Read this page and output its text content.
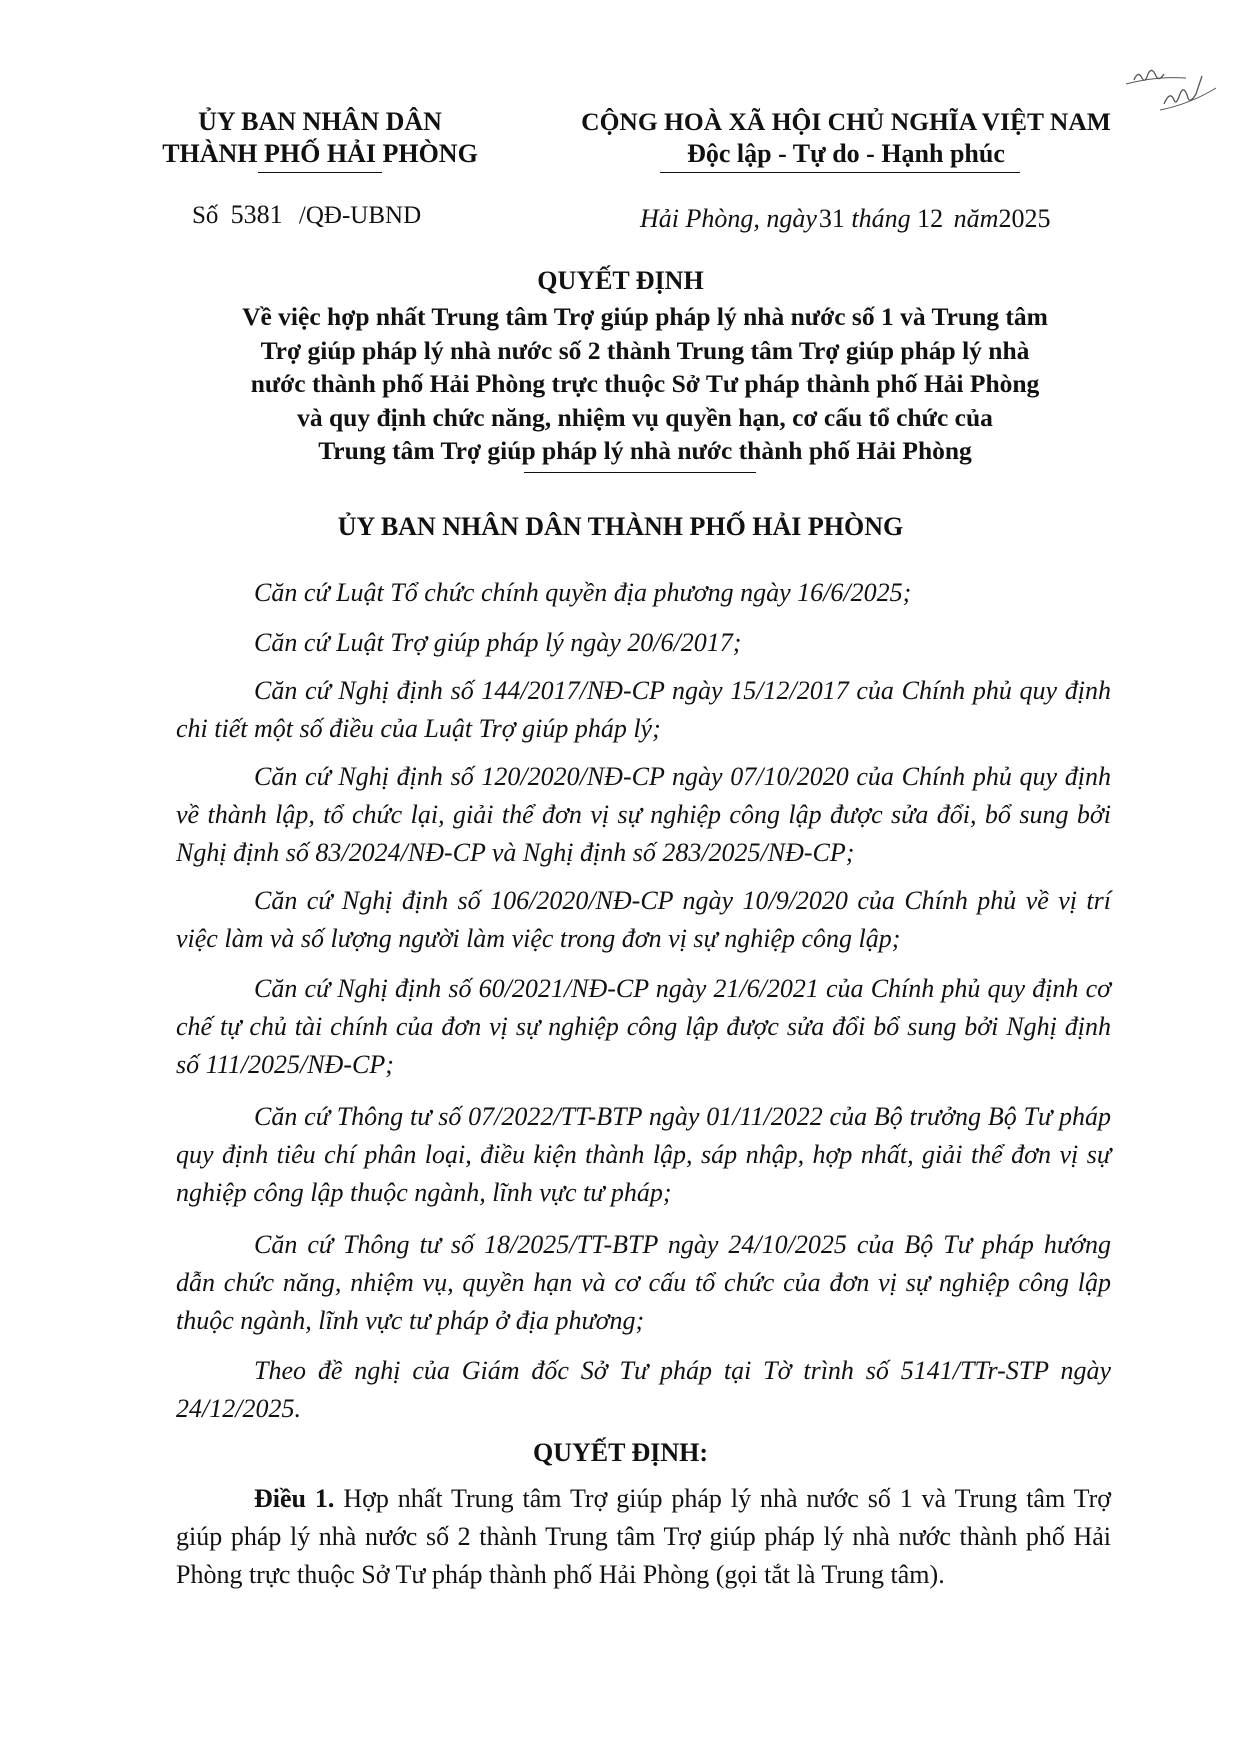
ỦY BAN NHÂN DÂN

THÀNH PHỐ HẢI PHÒNG

CỘNG HOÀ XÃ HỘI CHỦ NGHĨA VIỆT NAM

Độc lập - Tự do - Hạnh phúc

Số 5381 /QĐ-UBND	Hải Phòng, ngày31 tháng 12 năm2025

QUYẾT ĐỊNH

Về việc hợp nhất Trung tâm Trợ giúp pháp lý nhà nước số 1 và Trung tâm

Trợ giúp pháp lý nhà nước số 2 thành Trung tâm Trợ giúp pháp lý nhà

nước thành phố Hải Phòng trực thuộc Sở Tư pháp thành phố Hải Phòng

và quy định chức năng, nhiệm vụ quyền hạn, cơ cấu tổ chức của

Trung tâm Trợ giúp pháp lý nhà nước thành phố Hải Phòng

ỦY BAN NHÂN DÂN THÀNH PHỐ HẢI PHÒNG

Căn cứ Luật Tổ chức chính quyền địa phương ngày 16/6/2025;

Căn cứ Luật Trợ giúp pháp lý ngày 20/6/2017;

Căn cứ Nghị định số 144/2017/NĐ-CP ngày 15/12/2017 của Chính phủ quy định chi tiết một số điều của Luật Trợ giúp pháp lý;

Căn cứ Nghị định số 120/2020/NĐ-CP ngày 07/10/2020 của Chính phủ quy định về thành lập, tổ chức lại, giải thể đơn vị sự nghiệp công lập được sửa đổi, bổ sung bởi Nghị định số 83/2024/NĐ-CP và Nghị định số 283/2025/NĐ-CP;

Căn cứ Nghị định số 106/2020/NĐ-CP ngày 10/9/2020 của Chính phủ về vị trí việc làm và số lượng người làm việc trong đơn vị sự nghiệp công lập;

Căn cứ Nghị định số 60/2021/NĐ-CP ngày 21/6/2021 của Chính phủ quy định cơ chế tự chủ tài chính của đơn vị sự nghiệp công lập được sửa đổi bổ sung bởi Nghị định số 111/2025/NĐ-CP;

Căn cứ Thông tư số 07/2022/TT-BTP ngày 01/11/2022 của Bộ trưởng Bộ Tư pháp quy định tiêu chí phân loại, điều kiện thành lập, sáp nhập, hợp nhất, giải thể đơn vị sự nghiệp công lập thuộc ngành, lĩnh vực tư pháp;

Căn cứ Thông tư số 18/2025/TT-BTP ngày 24/10/2025 của Bộ Tư pháp hướng dẫn chức năng, nhiệm vụ, quyền hạn và cơ cấu tổ chức của đơn vị sự nghiệp công lập thuộc ngành, lĩnh vực tư pháp ở địa phương;

Theo đề nghị của Giám đốc Sở Tư pháp tại Tờ trình số 5141/TTr-STP ngày 24/12/2025.

QUYẾT ĐỊNH:

Điều 1. Hợp nhất Trung tâm Trợ giúp pháp lý nhà nước số 1 và Trung tâm Trợ giúp pháp lý nhà nước số 2 thành Trung tâm Trợ giúp pháp lý nhà nước thành phố Hải Phòng trực thuộc Sở Tư pháp thành phố Hải Phòng (gọi tắt là Trung tâm).
